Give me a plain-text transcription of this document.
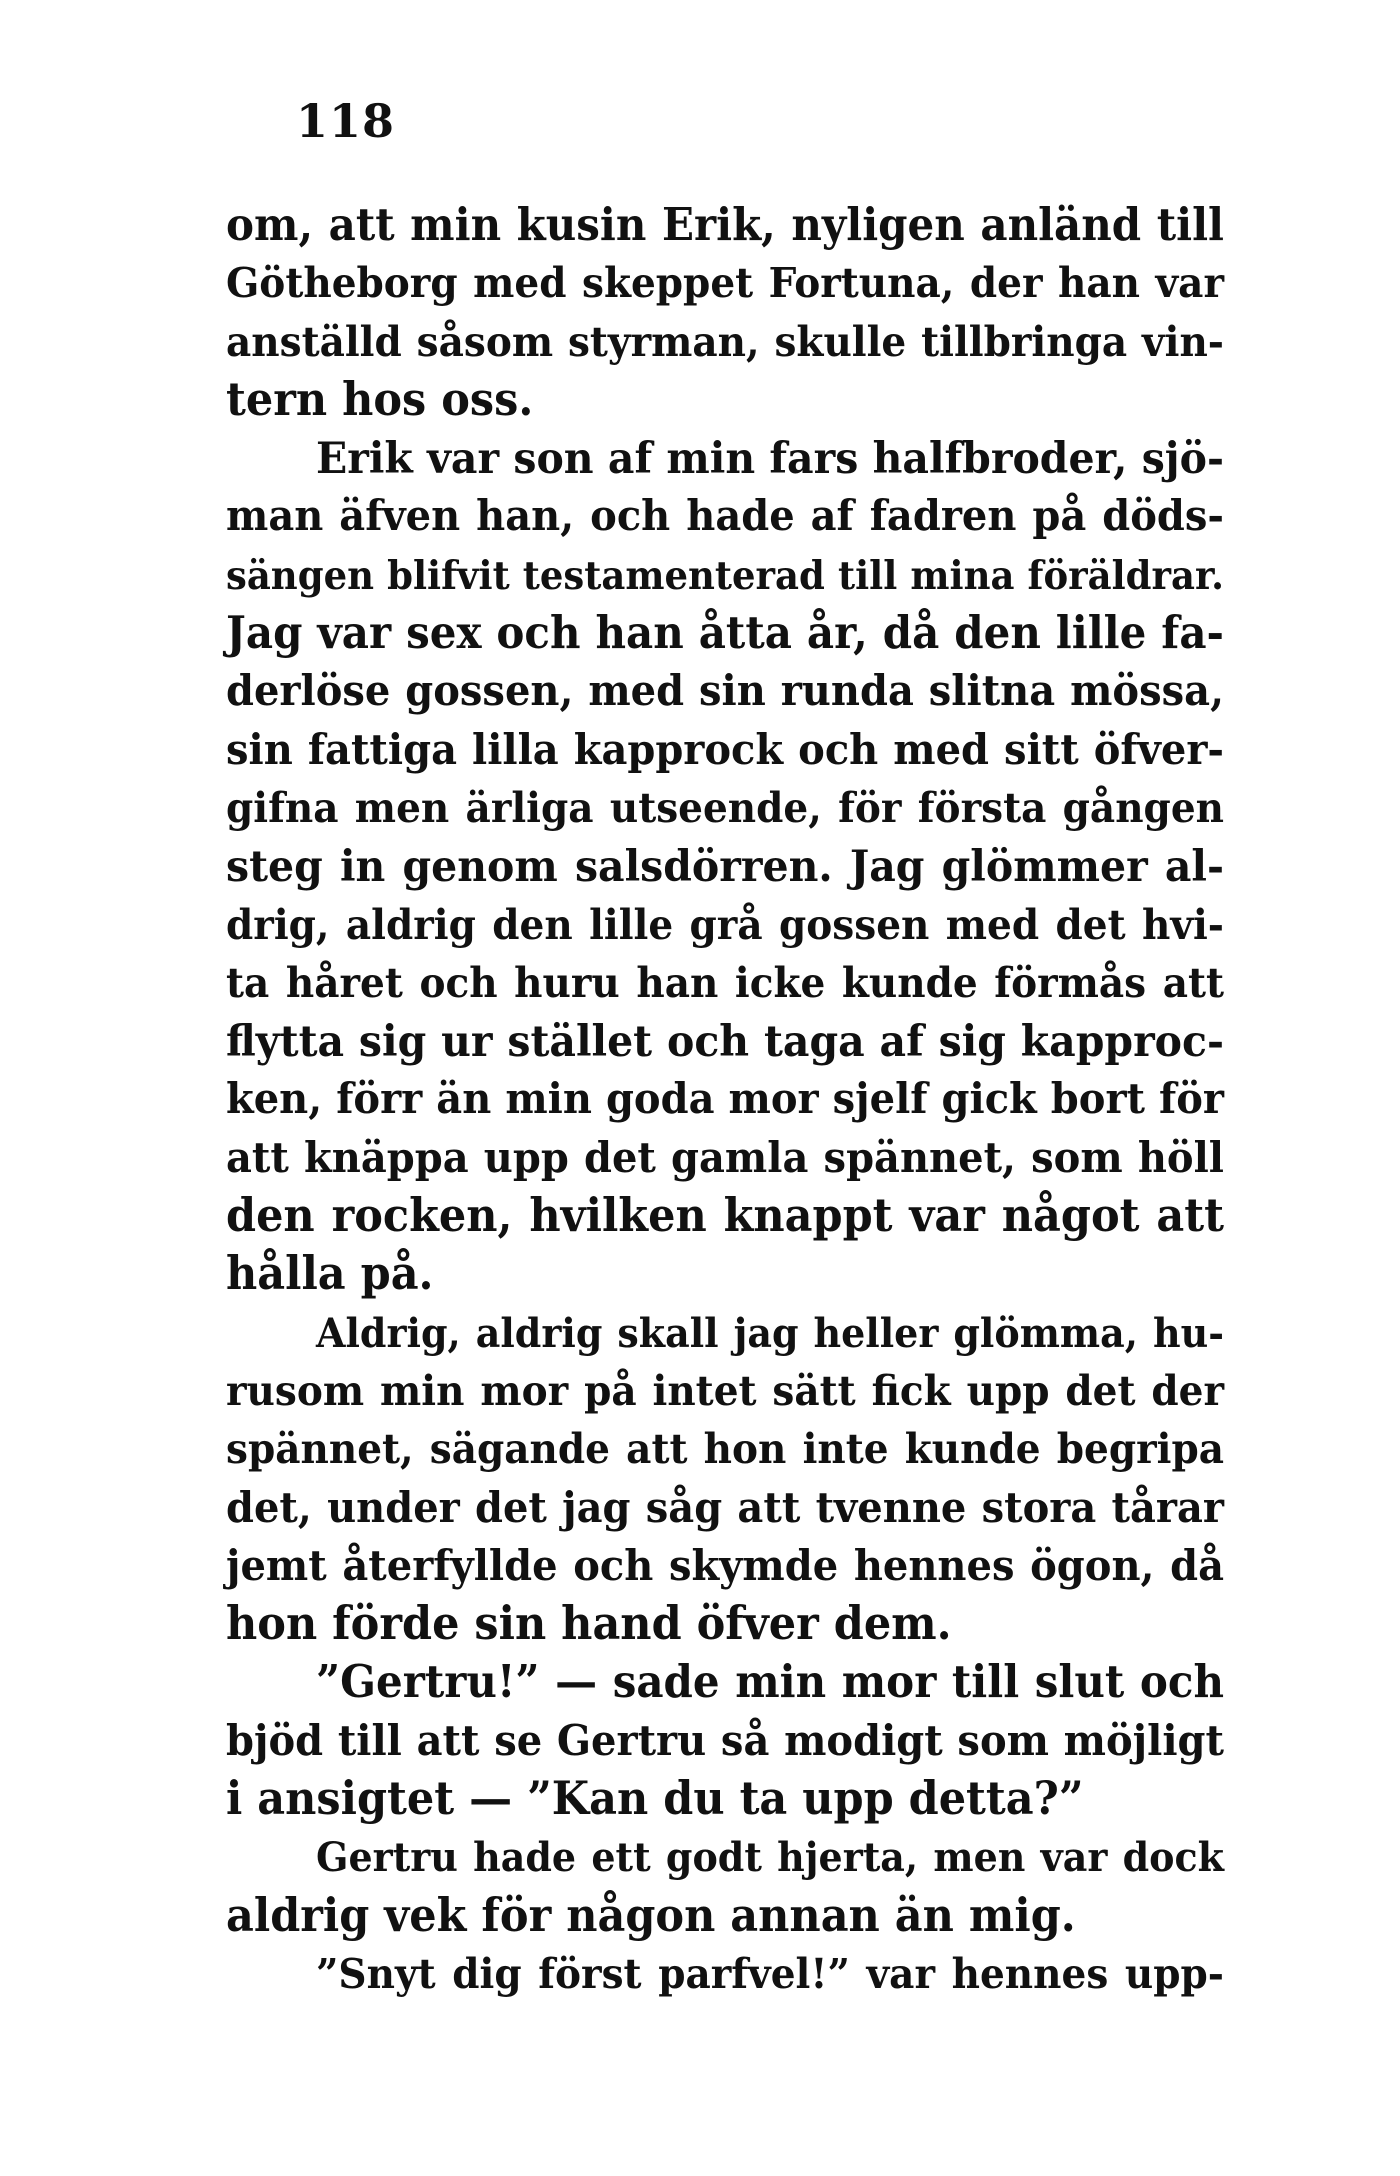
118
om, att min kusin Erik, nyligen anländ till
Götheborg med skeppet Fortuna, der han var
anställd såsom styrman, skulle tillbringa vin-
tern hos oss.
Erik var son af min fars halfbroder, sjö-
man äfven han, och hade af fadren på döds-
sängen blifvit testamenterad till mina föräldrar.
Jag var sex och han åtta år, då den lille fa-
derlöse gossen, med sin runda slitna mössa,
sin fattiga lilla kapprock och med sitt öfver-
gifna men ärliga utseende, för första gången
steg in genom salsdörren. Jag glömmer al-
drig, aldrig den lille grå gossen med det hvi-
ta håret och huru han icke kunde förmås att
flytta sig ur stället och taga af sig kapproc-
ken, förr än min goda mor sjelf gick bort för
att knäppa upp det gamla spännet, som höll
den rocken, hvilken knappt var något att
hålla på.
Aldrig, aldrig skall jag heller glömma, hu-
rusom min mor på intet sätt fick upp det der
spännet, sägande att hon inte kunde begripa
det, under det jag såg att tvenne stora tårar
jemt återfyllde och skymde hennes ögon, då
hon förde sin hand öfver dem.
”Gertru!” — sade min mor till slut och
bjöd till att se Gertru så modigt som möjligt
i ansigtet — ”Kan du ta upp detta?”
Gertru hade ett godt hjerta, men var dock
aldrig vek för någon annan än mig.
”Snyt dig först parfvel!” var hennes upp-
